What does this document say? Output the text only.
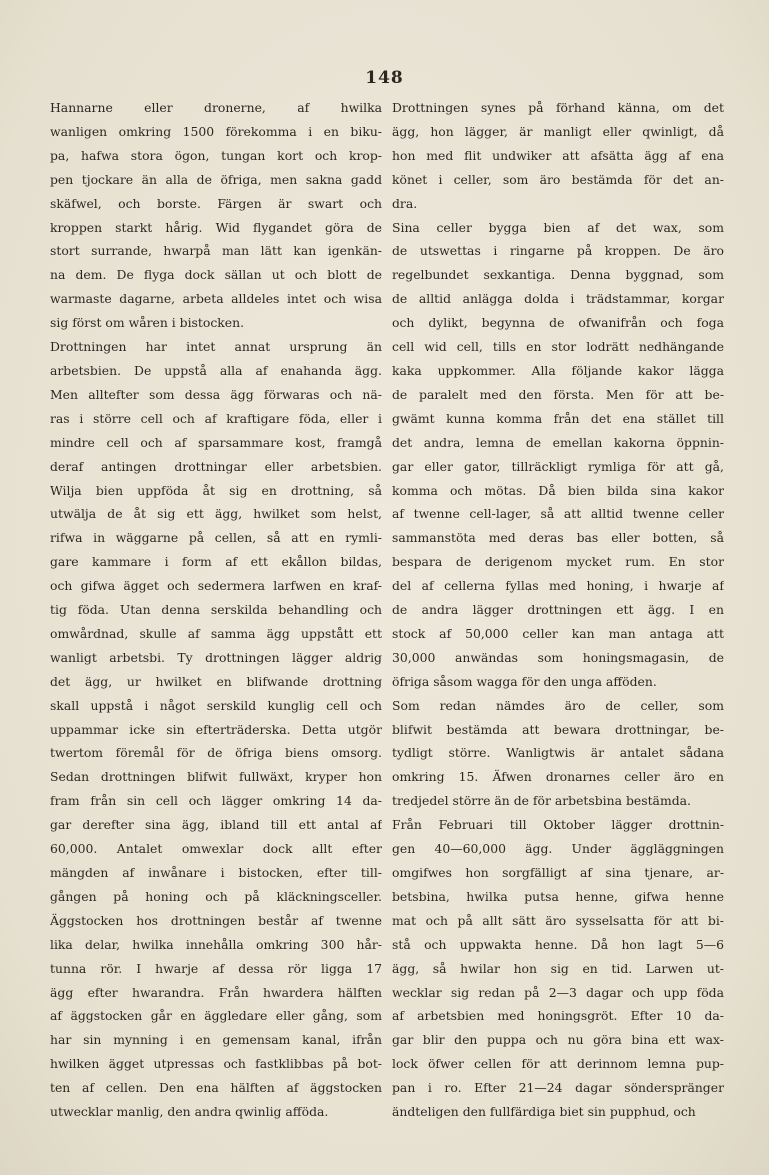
148
Hannarne eller dronerne, af hwilka
wanligen omkring 1500 förekomma i en biku-
pa, hafwa stora ögon, tungan kort och krop-
pen tjockare än alla de öfriga, men sakna gadd
skäfwel, och borste. Färgen är swart och
kroppen starkt hårig. Wid flygandet göra de
stort surrande, hwarpå man lätt kan igenkän-
na dem. De flyga dock sällan ut och blott de
warmaste dagarne, arbeta alldeles intet och wisa
sig först om wåren i bistocken.
Drottningen har intet annat ursprung än
arbetsbien. De uppstå alla af enahanda ägg.
Men alltefter som dessa ägg förwaras och nä-
ras i större cell och af kraftigare föda, eller i
mindre cell och af sparsammare kost, framgå
deraf antingen drottningar eller arbetsbien.
Wilja bien uppföda åt sig en drottning, så
utwälja de åt sig ett ägg, hwilket som helst,
rifwa in wäggarne på cellen, så att en rymli-
gare kammare i form af ett ekållon bildas,
och gifwa ägget och sedermera larfwen en kraf-
tig föda. Utan denna serskilda behandling och
omwårdnad, skulle af samma ägg uppstått ett
wanligt arbetsbi. Ty drottningen lägger aldrig
det ägg, ur hwilket en blifwande drottning
skall uppstå i något serskild kunglig cell och
uppammar icke sin efterträderska. Detta utgör
twertom föremål för de öfriga biens omsorg.
Sedan drottningen blifwit fullwäxt, kryper hon
fram från sin cell och lägger omkring 14 da-
gar derefter sina ägg, ibland till ett antal af
60,000. Antalet omwexlar dock allt efter
mängden af inwånare i bistocken, efter till-
gången på honing och på kläckningsceller.
Äggstocken hos drottningen består af twenne
lika delar, hwilka innehålla omkring 300 hår-
tunna rör. I hwarje af dessa rör ligga 17
ägg efter hwarandra. Från hwardera hälften
af äggstocken går en äggledare eller gång, som
har sin mynning i en gemensam kanal, ifrån
hwilken ägget utpressas och fastklibbas på bot-
ten af cellen. Den ena hälften af äggstocken
utwecklar manlig, den andra qwinlig afföda.
Drottningen synes på förhand känna, om det
ägg, hon lägger, är manligt eller qwinligt, då
hon med flit undwiker att afsätta ägg af ena
könet i celler, som äro bestämda för det an-
dra.
Sina celler bygga bien af det wax, som
de utswettas i ringarne på kroppen. De äro
regelbundet sexkantiga. Denna byggnad, som
de alltid anlägga dolda i trädstammar, korgar
och dylikt, begynna de ofwanifrån och foga
cell wid cell, tills en stor lodrätt nedhängande
kaka uppkommer. Alla följande kakor lägga
de paralelt med den första. Men för att be-
gwämt kunna komma från det ena stället till
det andra, lemna de emellan kakorna öppnin-
gar eller gator, tillräckligt rymliga för att gå,
komma och mötas. Då bien bilda sina kakor
af twenne cell-lager, så att alltid twenne celler
sammanstöta med deras bas eller botten, så
bespara de derigenom mycket rum. En stor
del af cellerna fyllas med honing, i hwarje af
de andra lägger drottningen ett ägg. I en
stock af 50,000 celler kan man antaga att
30,000 anwändas som honingsmagasin, de
öfriga såsom wagga för den unga afföden.
Som redan nämdes äro de celler, som
blifwit bestämda att bewara drottningar, be-
tydligt större. Wanligtwis är antalet sådana
omkring 15. Äfwen dronarnes celler äro en
tredjedel större än de för arbetsbina bestämda.
Från Februari till Oktober lägger drottnin-
gen 40—60,000 ägg. Under äggläggningen
omgifwes hon sorgfälligt af sina tjenare, ar-
betsbina, hwilka putsa henne, gifwa henne
mat och på allt sätt äro sysselsatta för att bi-
stå och uppwakta henne. Då hon lagt 5—6
ägg, så hwilar hon sig en tid. Larwen ut-
wecklar sig redan på 2—3 dagar och upp föda
af arbetsbien med honingsgröt. Efter 10 da-
gar blir den puppa och nu göra bina ett wax-
lock öfwer cellen för att derinnom lemna pup-
pan i ro. Efter 21—24 dagar sönderspränger
ändteligen den fullfärdiga biet sin pupphud, och
